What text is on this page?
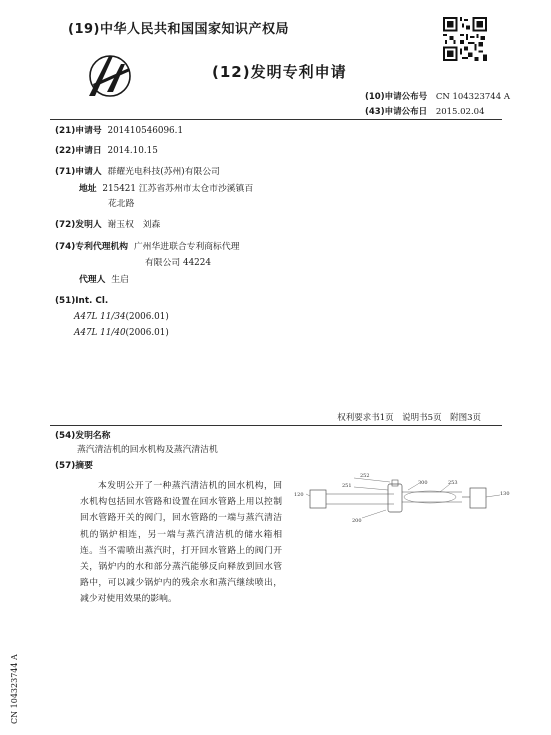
(19)中华人民共和国国家知识产权局
(12)发明专利申请
(10)申请公布号 CN 104323744 A
(43)申请公布日 2015.02.04
(21)申请号 201410546096.1
(22)申请日 2014.10.15
(71)申请人 群耀光电科技(苏州)有限公司
地址 215421 江苏省苏州市太仓市沙溪镇百
花北路
(72)发明人 谢玉权　刘森
(74)专利代理机构 广州华进联合专利商标代理
有限公司 44224
代理人 生启
(51)Int. Cl.
A47L 11/34(2006.01)
A47L 11/40(2006.01)
权利要求书1页　说明书5页　附图3页
(54)发明名称
蒸汽清洁机的回水机构及蒸汽清洁机
(57)摘要

本发明公开了一种蒸汽清洁机的回水机构，回水机构包括回水管路和设置在回水管路上用以控制回水管路开关的阀门，回水管路的一端与蒸汽清洁机的锅炉相连，另一端与蒸汽清洁机的储水箱相连。当不需喷出蒸汽时，打开回水管路上的阀门开关，锅炉内的水和部分蒸汽能够反向释放到回水管路中，可以减少锅炉内的残余水和蒸汽继续喷出，减少对使用效果的影响。

120
252
251	300	253
130
200
CN 104323744 A
